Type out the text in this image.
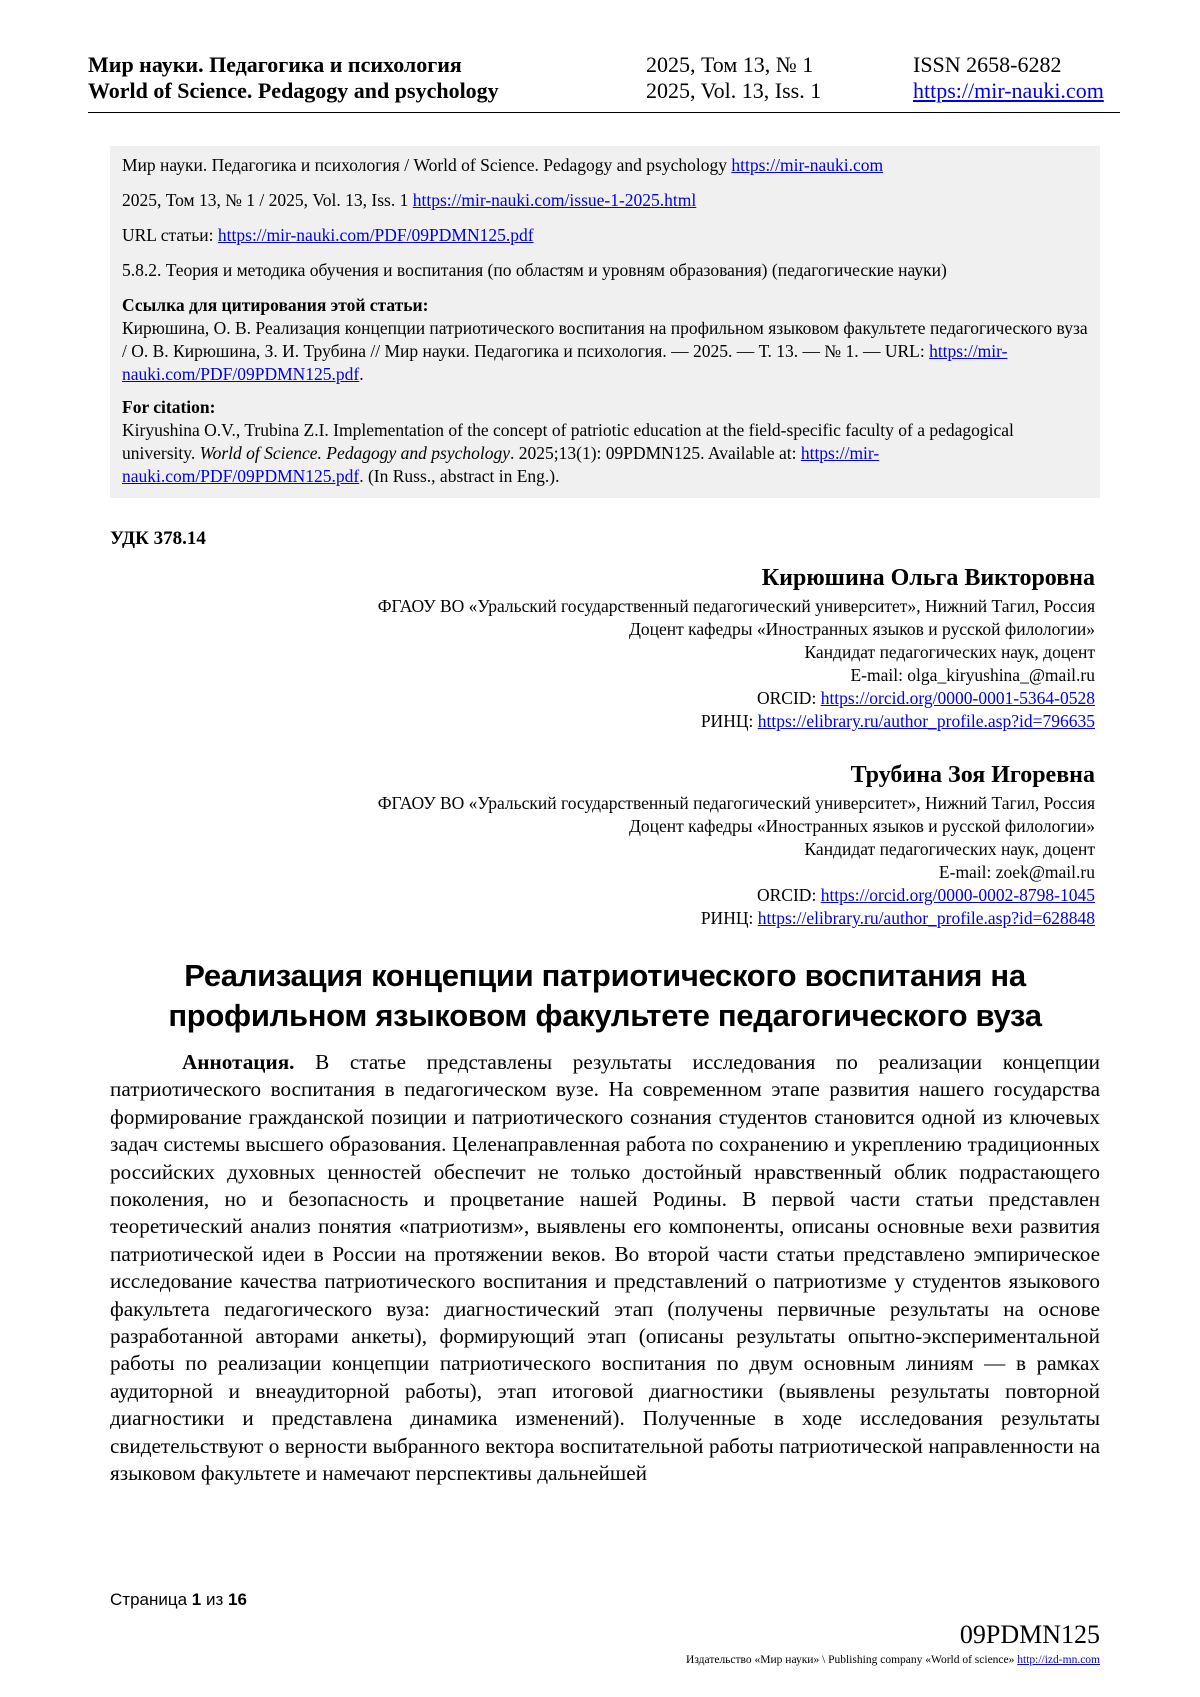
Мир науки. Педагогика и психология	2025, Том 13, № 1	ISSN 2658-6282
World of Science. Pedagogy and psychology	2025, Vol. 13, Iss. 1	https://mir-nauki.com

Мир науки. Педагогика и психология / World of Science. Pedagogy and psychology https://mir-nauki.com

2025, Том 13, № 1 / 2025, Vol. 13, Iss. 1 https://mir-nauki.com/issue-1-2025.html

URL статьи: https://mir-nauki.com/PDF/09PDMN125.pdf

5.8.2. Теория и методика обучения и воспитания (по областям и уровням образования) (педагогические науки)

Ссылка для цитирования этой статьи:

Кирюшина, О. В. Реализация концепции патриотического воспитания на профильном языковом факультете педагогического вуза / О. В. Кирюшина, З. И. Трубина // Мир науки. Педагогика и психология. — 2025. — Т. 13. — № 1. — URL: https://mir-nauki.com/PDF/09PDMN125.pdf.

For citation:

Kiryushina O.V., Trubina Z.I. Implementation of the concept of patriotic education at the field-specific faculty of a pedagogical university. World of Science. Pedagogy and psychology. 2025;13(1): 09PDMN125. Available at: https://mir-nauki.com/PDF/09PDMN125.pdf. (In Russ., abstract in Eng.).

УДК 378.14
Кирюшина Ольга Викторовна
ФГАОУ ВО «Уральский государственный педагогический университет», Нижний Тагил, Россия
Доцент кафедры «Иностранных языков и русской филологии»
Кандидат педагогических наук, доцент
E-mail: olga_kiryushina_@mail.ru
ORCID: https://orcid.org/0000-0001-5364-0528
РИНЦ: https://elibrary.ru/author_profile.asp?id=796635
Трубина Зоя Игоревна
ФГАОУ ВО «Уральский государственный педагогический университет», Нижний Тагил, Россия
Доцент кафедры «Иностранных языков и русской филологии»
Кандидат педагогических наук, доцент
E-mail: zoek@mail.ru
ORCID: https://orcid.org/0000-0002-8798-1045
РИНЦ: https://elibrary.ru/author_profile.asp?id=628848
Реализация концепции патриотического воспитания на
профильном языковом факультете педагогического вуза

Аннотация. В статье представлены результаты исследования по реализации концепции патриотического воспитания в педагогическом вузе. На современном этапе развития нашего государства формирование гражданской позиции и патриотического сознания студентов становится одной из ключевых задач системы высшего образования. Целенаправленная работа по сохранению и укреплению традиционных российских духовных ценностей обеспечит не только достойный нравственный облик подрастающего поколения, но и безопасность и процветание нашей Родины. В первой части статьи представлен теоретический анализ понятия «патриотизм», выявлены его компоненты, описаны основные вехи развития патриотической идеи в России на протяжении веков. Во второй части статьи представлено эмпирическое исследование качества патриотического воспитания и представлений о патриотизме у студентов языкового факультета педагогического вуза: диагностический этап (получены первичные результаты на основе разработанной авторами анкеты), формирующий этап (описаны результаты опытно-экспериментальной работы по реализации концепции патриотического воспитания по двум основным линиям — в рамках аудиторной и внеаудиторной работы), этап итоговой диагностики (выявлены результаты повторной диагностики и представлена динамика изменений). Полученные в ходе исследования результаты свидетельствуют о верности выбранного вектора воспитательной работы патриотической направленности на языковом факультете и намечают перспективы дальнейшей

Страница 1 из 16
09PDMN125
Издательство «Мир науки» \ Publishing company «World of science» http://izd-mn.com
